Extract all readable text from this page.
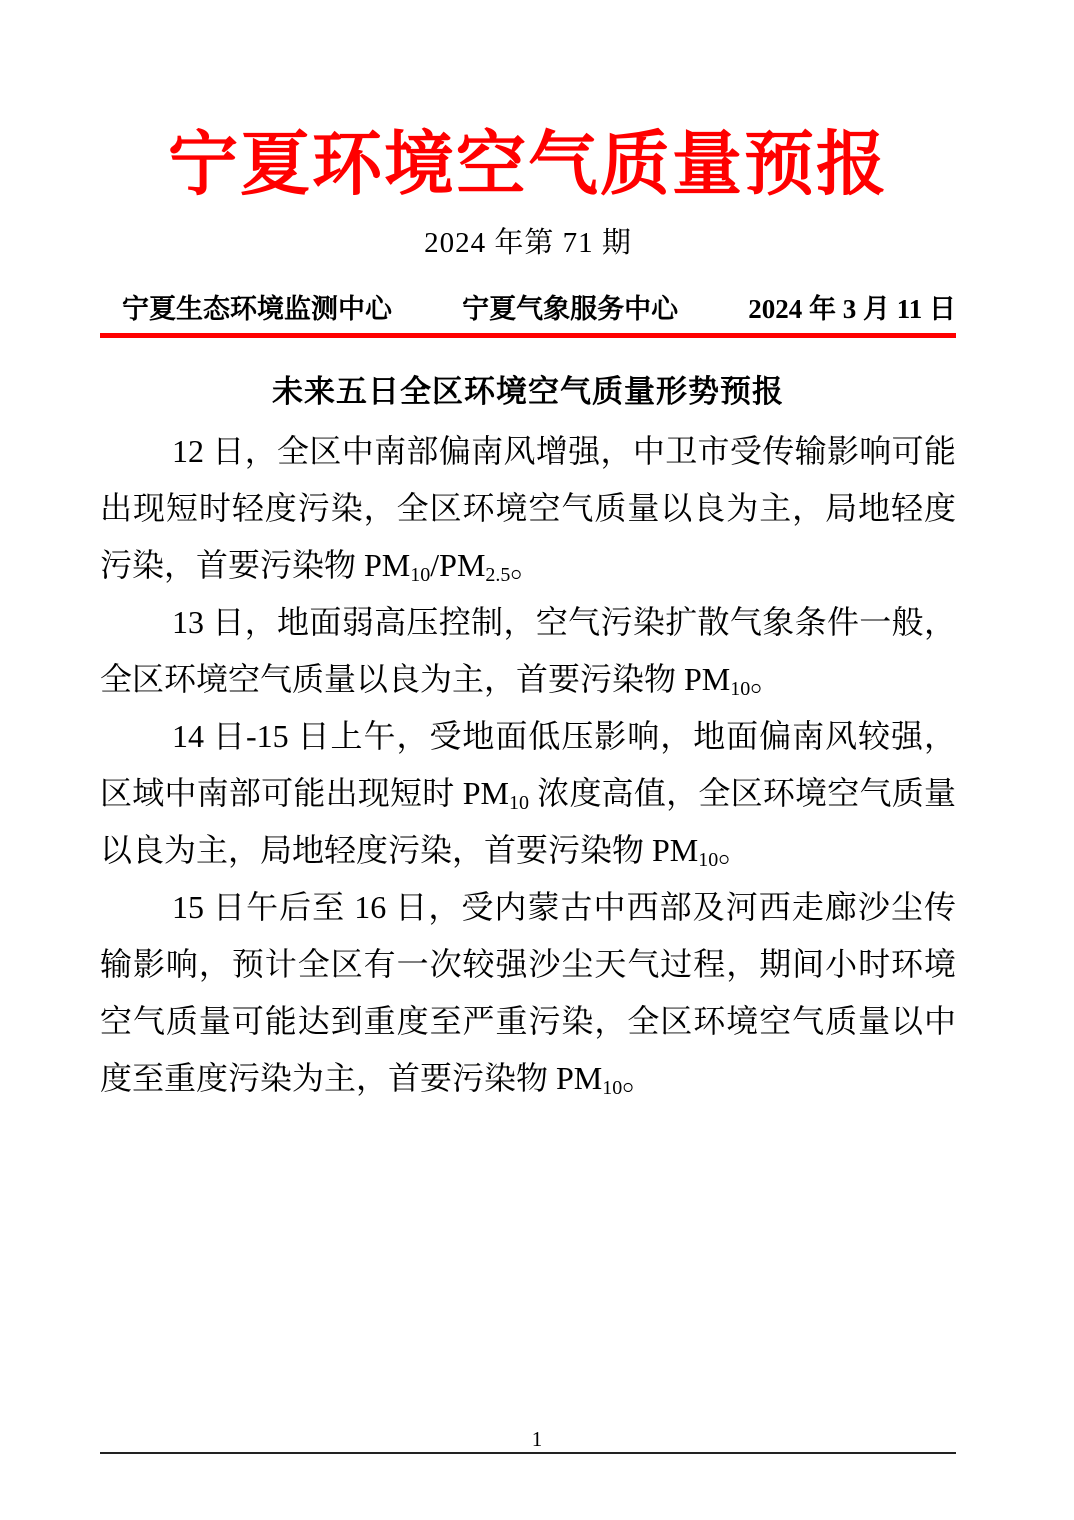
宁夏环境空气质量预报
2024 年第 71 期
宁夏生态环境监测中心	宁夏气象服务中心	2024 年 3 月 11 日
未来五日全区环境空气质量形势预报

12 日，全区中南部偏南风增强，中卫市受传输影响可能出现短时轻度污染，全区环境空气质量以良为主，局地轻度污染，首要污染物 $PM_{10}/PM_{2.5}$。

13 日，地面弱高压控制，空气污染扩散气象条件一般，全区环境空气质量以良为主，首要污染物 $PM_{10}$。

14 日-15 日上午，受地面低压影响，地面偏南风较强，区域中南部可能出现短时 $PM_{10}$ 浓度高值，全区环境空气质量以良为主，局地轻度污染，首要污染物 $PM_{10}$。

15 日午后至 16 日，受内蒙古中西部及河西走廊沙尘传输影响，预计全区有一次较强沙尘天气过程，期间小时环境空气质量可能达到重度至严重污染，全区环境空气质量以中度至重度污染为主，首要污染物 $PM_{10}$。

1
